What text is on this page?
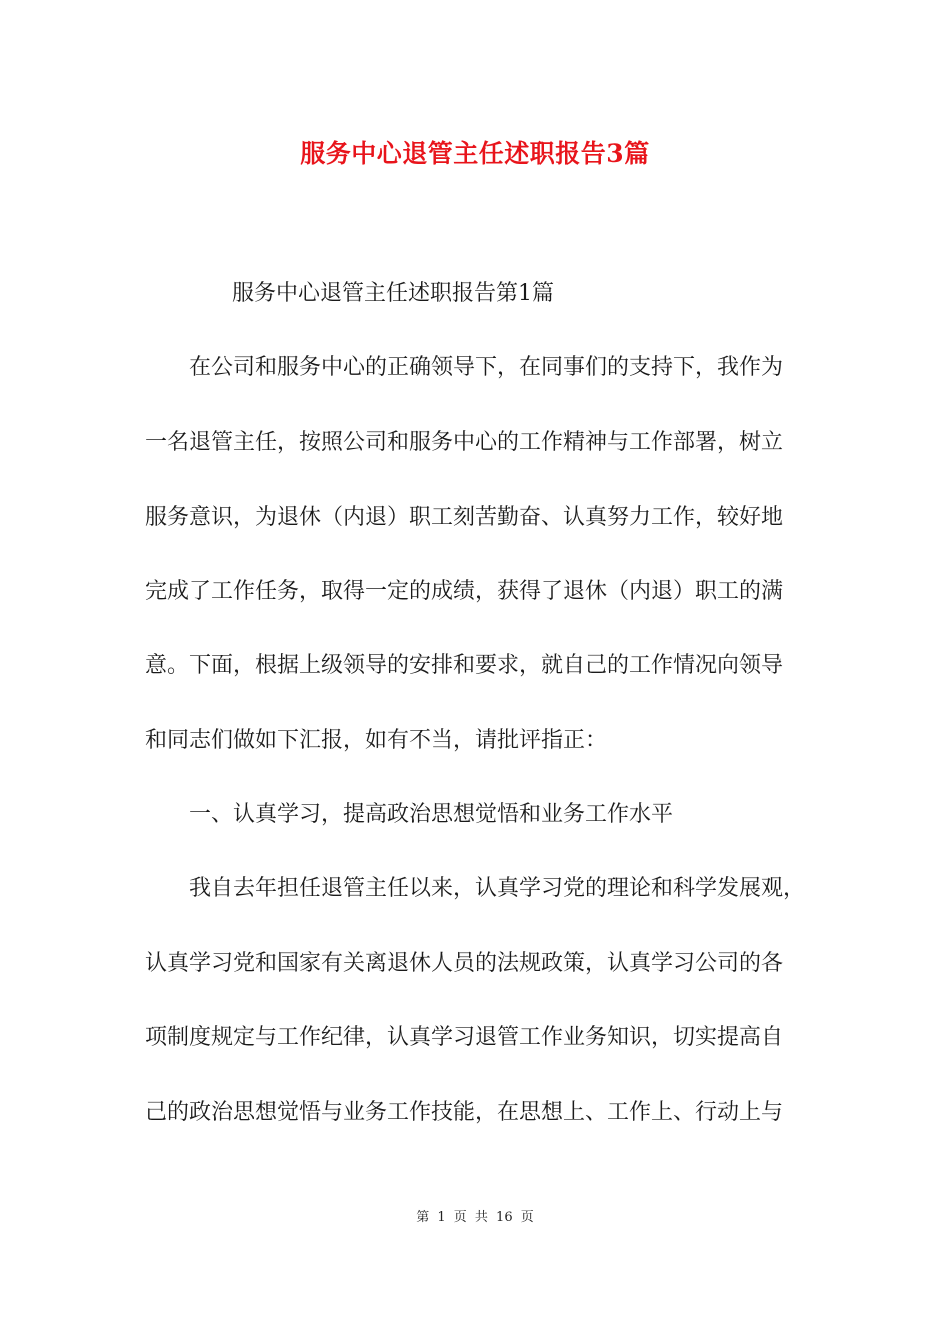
服务中心退管主任述职报告3篇
服务中心退管主任述职报告第1篇
在公司和服务中心的正确领导下，在同事们的支持下，我作为
一名退管主任，按照公司和服务中心的工作精神与工作部署，树立
服务意识，为退休（内退）职工刻苦勤奋、认真努力工作，较好地
完成了工作任务，取得一定的成绩，获得了退休（内退）职工的满
意。下面，根据上级领导的安排和要求，就自己的工作情况向领导
和同志们做如下汇报，如有不当，请批评指正：
一、认真学习，提高政治思想觉悟和业务工作水平
我自去年担任退管主任以来，认真学习党的理论和科学发展观，
认真学习党和国家有关离退休人员的法规政策，认真学习公司的各
项制度规定与工作纪律，认真学习退管工作业务知识，切实提高自
己的政治思想觉悟与业务工作技能，在思想上、工作上、行动上与
第 1 页 共 16 页
